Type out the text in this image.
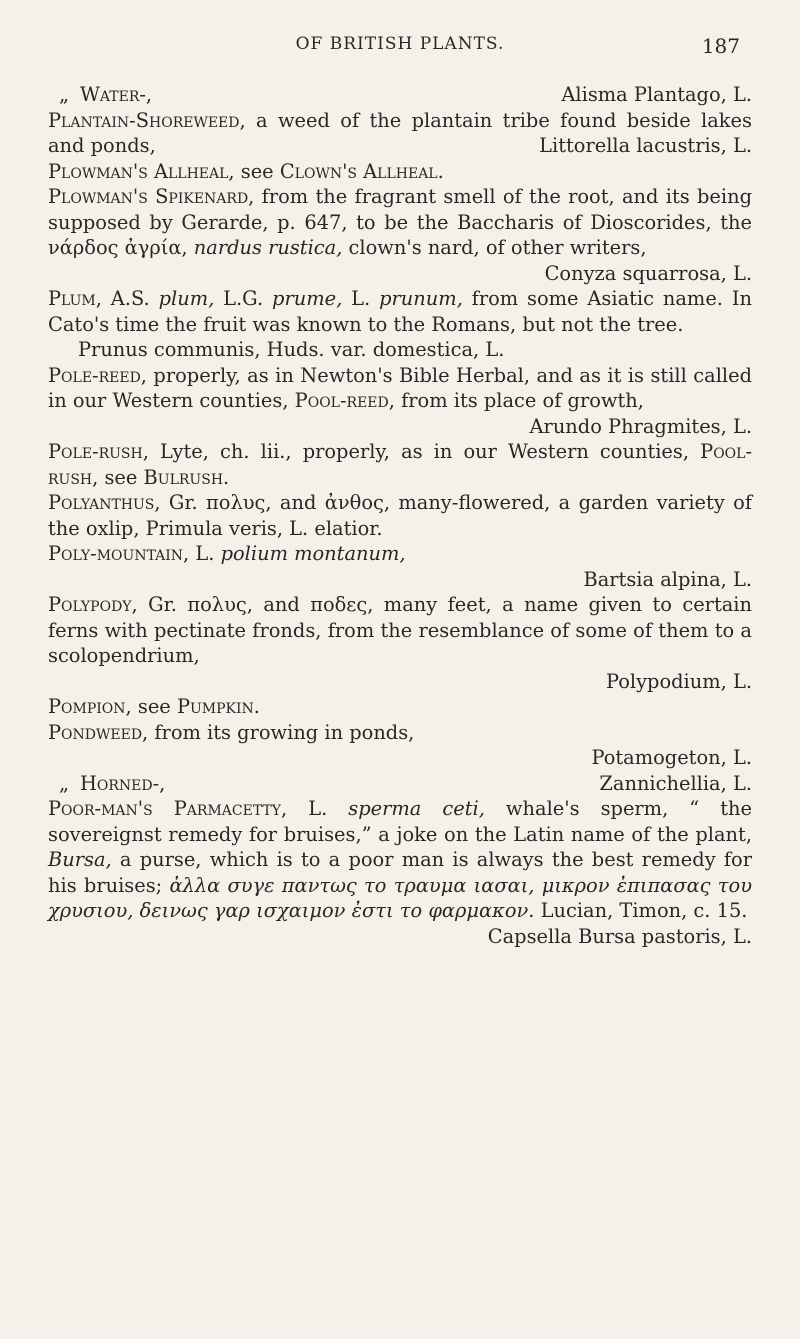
OF BRITISH PLANTS.	187

„ Water-,	Alisma Plantago, L.

Plantain-Shoreweed, a weed of the plantain tribe found beside lakes and ponds,	Littorella lacustris, L.

Plowman's Allheal, see Clown's Allheal.

Plowman's Spikenard, from the fragrant smell of the root, and its being supposed by Gerarde, p. 647, to be the Baccharis of Dioscorides, the νάρδος ἀγρία, nardus rustica, clown's nard, of other writers,
Conyza squarrosa, L.

Plum, A.S. plum, L.G. prume, L. prunum, from some Asiatic name. In Cato's time the fruit was known to the Romans, but not the tree.

Prunus communis, Huds. var. domestica, L.

Pole-reed, properly, as in Newton's Bible Herbal, and as it is still called in our Western counties, Pool-reed, from its place of growth,
Arundo Phragmites, L.

Pole-rush, Lyte, ch. lii., properly, as in our Western counties, Pool-rush, see Bulrush.

Polyanthus, Gr. πολυς, and ἀνθος, many-flowered, a garden variety of the oxlip, Primula veris, L. elatior.

Poly-mountain, L. polium montanum,
Bartsia alpina, L.
Polypody, Gr. πολυς, and ποδες, many feet, a name given to certain ferns with pectinate fronds, from the resemblance of some of them to a scolopendrium,
Polypodium, L.

Pompion, see Pumpkin.

Pondweed, from its growing in ponds,
Potamogeton, L.

„ Horned-,	Zannichellia, L.

Poor-man's Parmacetty, L. sperma ceti, whale's sperm, “ the sovereignst remedy for bruises,” a joke on the Latin name of the plant, Bursa, a purse, which is to a poor man is always the best remedy for his bruises; ἀλλα συγε παντως το τραυμα ιασαι, μικρον ἐπιπασας του χρυσιου, δεινως γαρ ισχαιμον ἐστι το φαρμακον. Lucian, Timon, c. 15.
Capsella Bursa pastoris, L.
